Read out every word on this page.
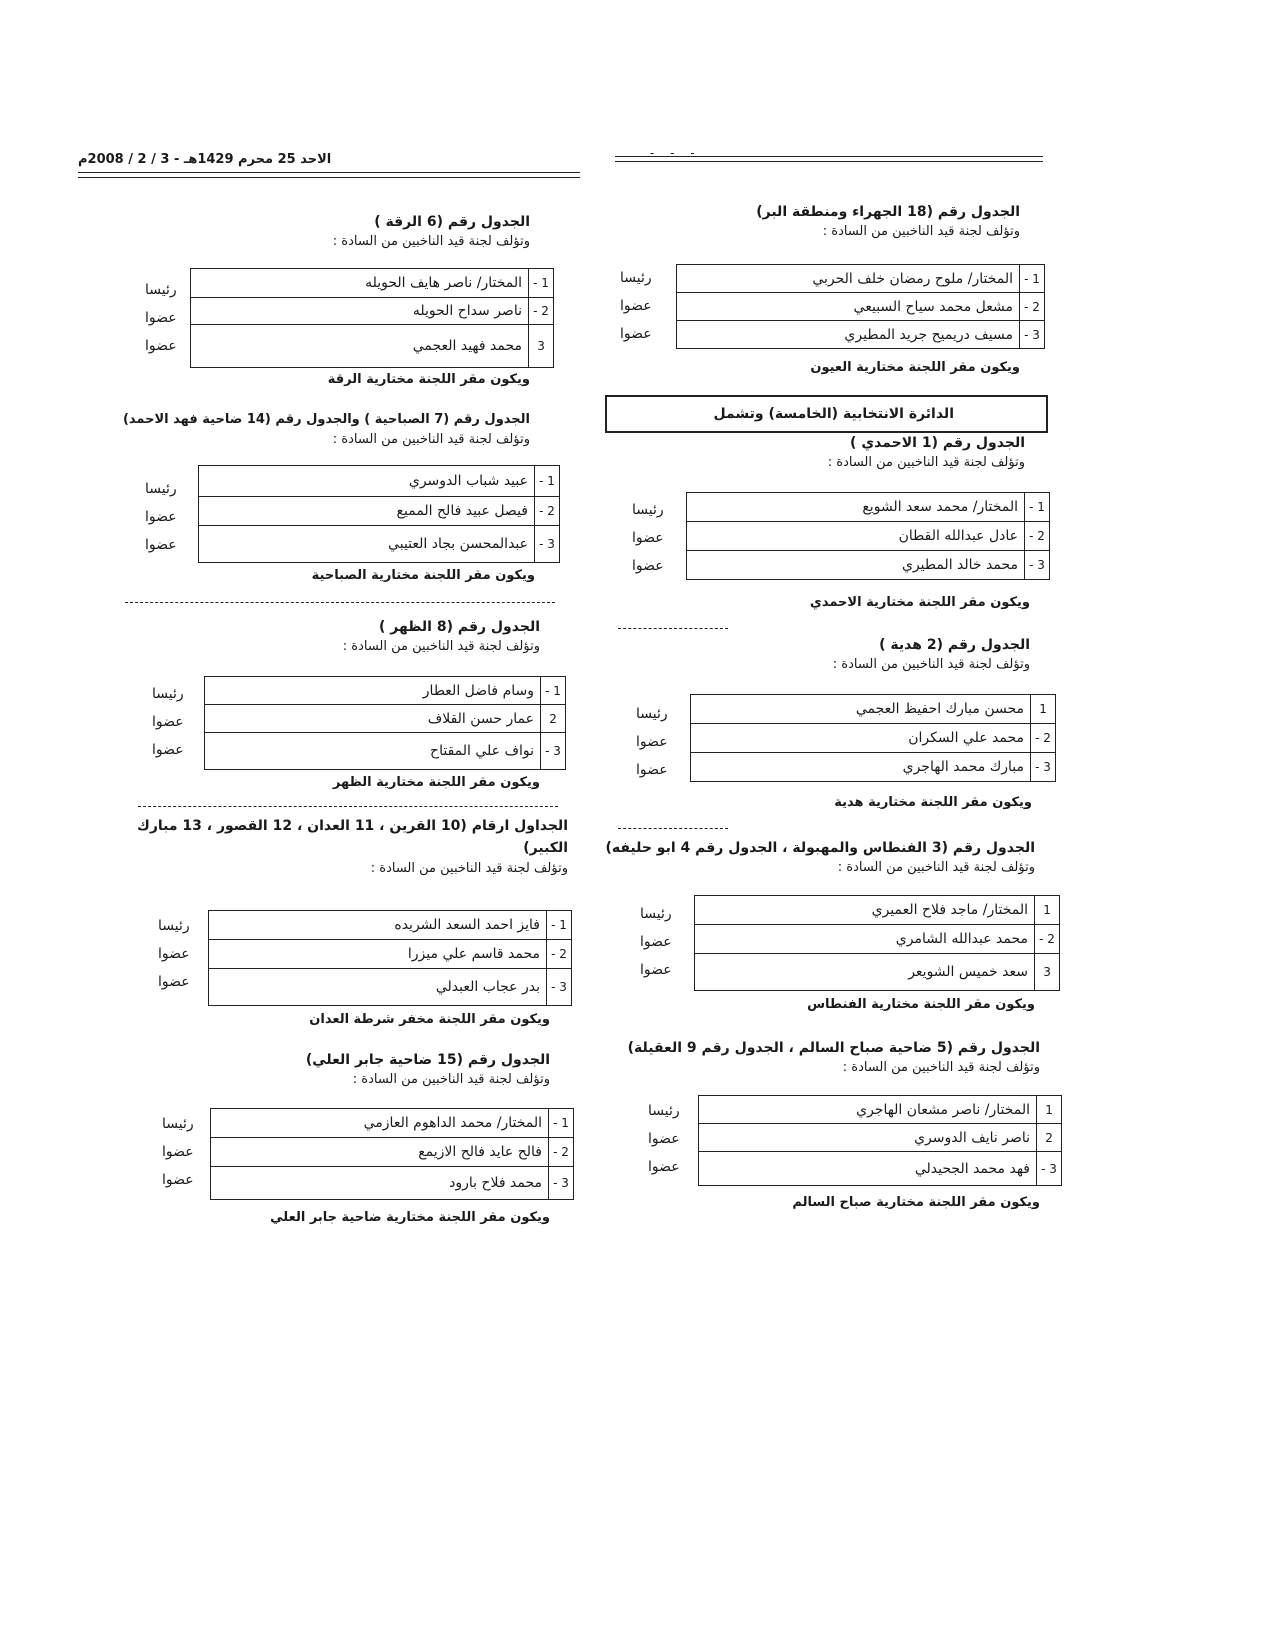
الاحد 25 محرم 1429هـ - 3 / 2 / 2008م	- - -
الجدول رقم (18 الجهراء ومنطقة البر)
وتؤلف لجنة قيد الناخبين من السادة :
رئيسا
عضوا
عضوا
1 -
المختار/ ملوح رمضان خلف الحربي
2 -
مشعل محمد سياح السبيعي
3 -
مسيف دريميح جريد المطيري
ويكون مقر اللجنة مختارية العيون
الدائرة الانتخابية (الخامسة) وتشمل
الجدول رقم (1 الاحمدي )
وتؤلف لجنة قيد الناخبين من السادة :
رئيسا
عضوا
عضوا
1 -
المختار/ محمد سعد الشويع
2 -
عادل عبدالله القطان
3 -
محمد خالد المطيري
ويكون مقر اللجنة مختارية الاحمدي
الجدول رقم (2 هدية )
وتؤلف لجنة قيد الناخبين من السادة :
رئيسا
عضوا
عضوا
1
محسن مبارك احفيظ العجمي
2 -
محمد علي السكران
3 -
مبارك محمد الهاجري
ويكون مقر اللجنة مختارية هدية
الجدول رقم (3 الفنطاس والمهبولة ، الجدول رقم 4 ابو حليفه)
وتؤلف لجنة قيد الناخبين من السادة :
رئيسا
عضوا
عضوا
1
المختار/ ماجد فلاح العميري
2 -
محمد عبدالله الشامري
3
سعد خميس الشويعر
ويكون مقر اللجنة مختارية الفنطاس
الجدول رقم (5 ضاحية صباح السالم ، الجدول رقم 9 العقيلة)
وتؤلف لجنة قيد الناخبين من السادة :
رئيسا
عضوا
عضوا
1
المختار/ ناصر مشعان الهاجري
2
ناصر نايف الدوسري
3 -
فهد محمد الجحيدلي
ويكون مقر اللجنة مختارية صباح السالم
الجدول رقم (6 الرقة )
وتؤلف لجنة قيد الناخبين من السادة :
رئيسا
عضوا
عضوا
1 -
المختار/ ناصر هايف الحويله
2 -
ناصر سداح الحويله
3
محمد فهيد العجمي
ويكون مقر اللجنة مختارية الرقة
الجدول رقم (7 الصباحية ) والجدول رقم (14 ضاحية فهد الاحمد)
وتؤلف لجنة قيد الناخبين من السادة :
رئيسا
عضوا
عضوا
1 -
عبيد شباب الدوسري
2 -
فيصل عبيد فالح المميع
3 -
عبدالمحسن بجاد العتيبي
ويكون مقر اللجنة مختارية الصباحية
الجدول رقم (8 الظهر )
وتؤلف لجنة قيد الناخبين من السادة :
رئيسا
عضوا
عضوا
1 -
وسام فاضل العطار
2
عمار حسن القلاف
3 -
نواف علي المقتاح
ويكون مقر اللجنة مختارية الظهر
الجداول ارقام (10 القرين ، 11 العدان ، 12 القصور ، 13 مبارك الكبير)
وتؤلف لجنة قيد الناخبين من السادة :
رئيسا
عضوا
عضوا
1 -
فايز احمد السعد الشريده
2 -
محمد قاسم علي ميزرا
3 -
بدر عجاب العبدلي
ويكون مقر اللجنة مخفر شرطة العدان
الجدول رقم (15 ضاحية جابر العلي)
وتؤلف لجنة قيد الناخبين من السادة :
رئيسا
عضوا
عضوا
1 -
المختار/ محمد الداهوم العازمي
2 -
فالح عايد فالح الازيمع
3 -
محمد فلاح بارود
ويكون مقر اللجنة مختارية ضاحية جابر العلي
